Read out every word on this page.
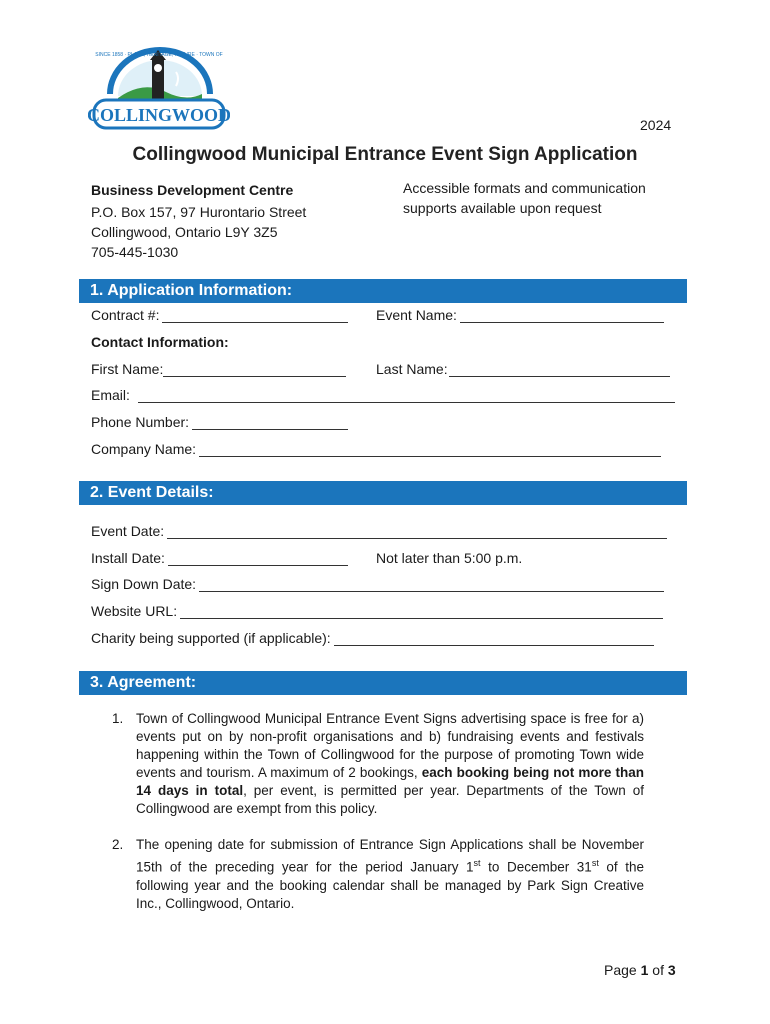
COLLINGWOOD
SINCE 1858 · PLACE, HERITAGE, NATURE · TOWN OF
2024
Collingwood Municipal Entrance Event Sign Application
Business Development Centre
P.O. Box 157, 97 Hurontario Street
Collingwood, Ontario L9Y 3Z5
705-445-1030
Accessible formats and communication
supports available upon request
1. Application Information:
Contract #:	Event Name:
Contact Information:
First Name:	Last Name:
Email:
Phone Number:
Company Name:
2. Event Details:
Event Date:
Install Date:	Not later than 5:00 p.m.
Sign Down Date:
Website URL:
Charity being supported (if applicable):
3. Agreement:
1. Town of Collingwood Municipal Entrance Event Signs advertising space is free for a) events put on by non-profit organisations and b) fundraising events and festivals happening within the Town of Collingwood for the purpose of promoting Town wide events and tourism. A maximum of 2 bookings, each booking being not more than 14 days in total, per event, is permitted per year. Departments of the Town of Collingwood are exempt from this policy.
2. The opening date for submission of Entrance Sign Applications shall be November 15th of the preceding year for the period January 1st to December 31st of the following year and the booking calendar shall be managed by Park Sign Creative Inc., Collingwood, Ontario.
Page 1 of 3
